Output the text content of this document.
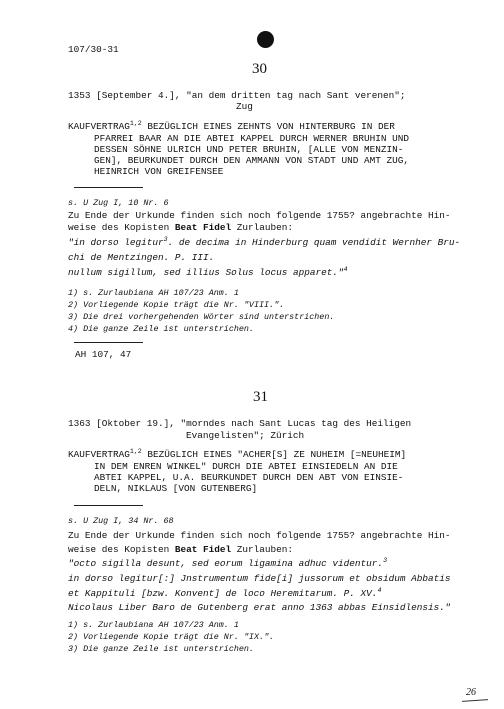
107/30-31
30
1353 [September 4.], "an dem dritten tag nach Sant verenen";
Zug
KAUFVERTRAG$^{1,2}$ BEZÜGLICH EINES ZEHNTS VON HINTERBURG IN DER
PFARREI BAAR AN DIE ABTEI KAPPEL DURCH WERNER BRUHIN UND
DESSEN SÖHNE ULRICH UND PETER BRUHIN, [ALLE VON MENZIN-
GEN], BEURKUNDET DURCH DEN AMMANN VON STADT UND AMT ZUG,
HEINRICH VON GREIFENSEE
s. U Zug I, 10 Nr. 6
Zu Ende der Urkunde finden sich noch folgende 1755? angebrachte Hin-
weise des Kopisten Beat Fidel Zurlauben:
"in dorso legitur$^3$. de decima in Hinderburg quam vendidit Wernher Bru-
chi de Mentzingen. P. III.
nullum sigillum, sed illius Solus locus apparet."$^4$
1) s. Zurlaubiana AH 107/23 Anm. 1
2) Vorliegende Kopie trägt die Nr. "VIII.".
3) Die drei vorhergehenden Wörter sind unterstrichen.
4) Die ganze Zeile ist unterstrichen.
AH 107, 47
31
1363 [Oktober 19.], "morndes nach Sant Lucas tag des Heiligen
Evangelisten"; Zürich
KAUFVERTRAG$^{1,2}$ BEZÜGLICH EINES "ACHER[S] ZE NUHEIM [=NEUHEIM]
IN DEM ENREN WINKEL" DURCH DIE ABTEI EINSIEDELN AN DIE
ABTEI KAPPEL, U.A. BEURKUNDET DURCH DEN ABT VON EINSIE-
DELN, NIKLAUS [VON GUTENBERG]
s. U Zug I, 34 Nr. 68
Zu Ende der Urkunde finden sich noch folgende 1755? angebrachte Hin-
weise des Kopisten Beat Fidel Zurlauben:
"octo sigilla desunt, sed eorum ligamina adhuc videntur.$^3$
in dorso legitur[:] Jnstrumentum fide[i] jussorum et obsidum Abbatis
et Kappituli [bzw. Konvent] de loco Heremitarum. P. XV.$^4$
Nicolaus Liber Baro de Gutenberg erat anno 1363 abbas Einsidlensis."
1) s. Zurlaubiana AH 107/23 Anm. 1
2) Vorliegende Kopie trägt die Nr. "IX.".
3) Die ganze Zeile ist unterstrichen.
26
